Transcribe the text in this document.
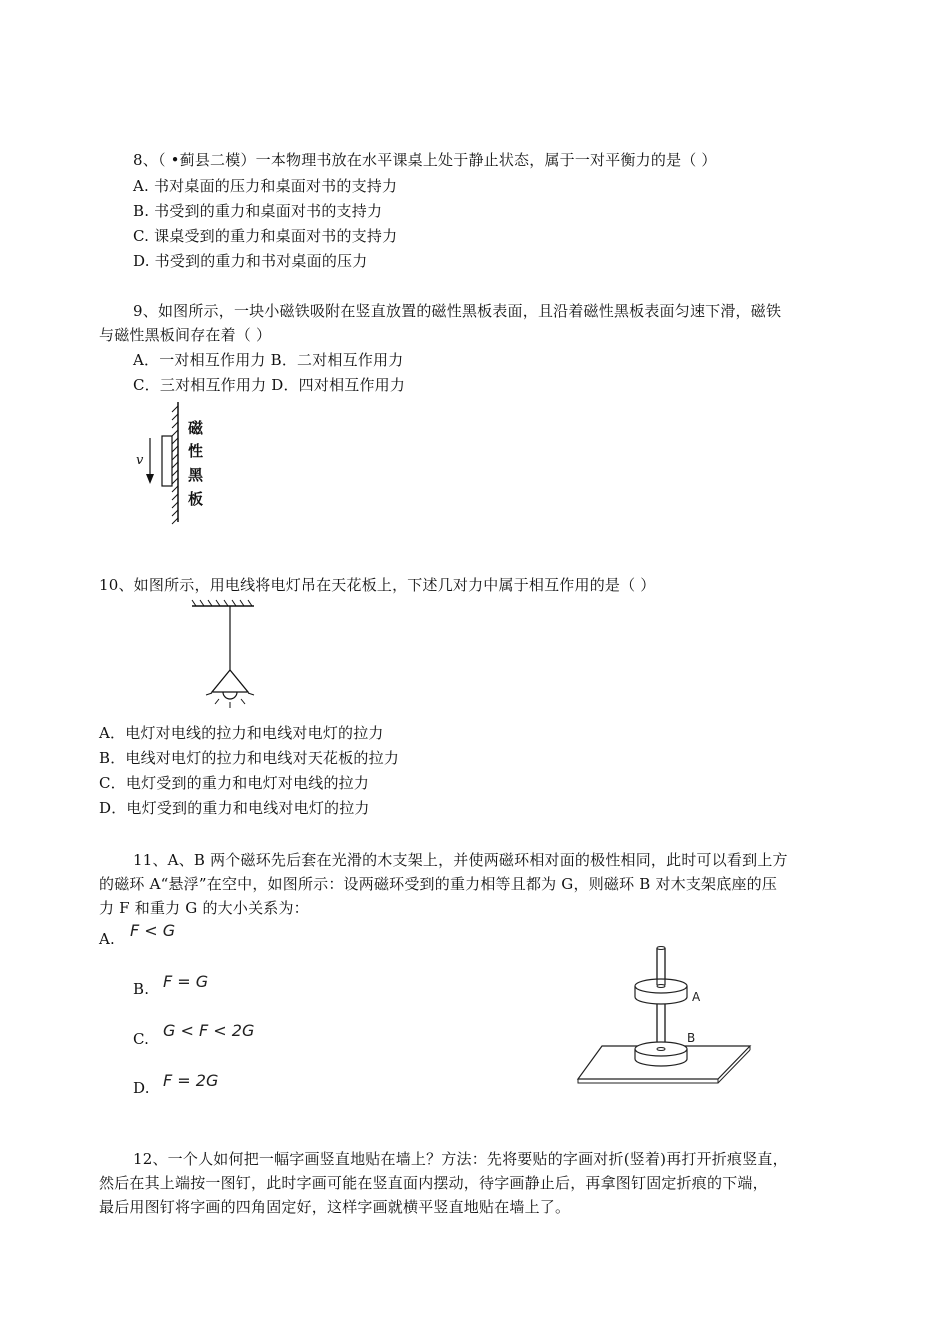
8、（ •蓟县二模）一本物理书放在水平课桌上处于静止状态，属于一对平衡力的是（ ）
A. 书对桌面的压力和桌面对书的支持力
B. 书受到的重力和桌面对书的支持力
C. 课桌受到的重力和桌面对书的支持力
D. 书受到的重力和书对桌面的压力
9、如图所示，一块小磁铁吸附在竖直放置的磁性黑板表面，且沿着磁性黑板表面匀速下滑，磁铁
与磁性黑板间存在着（ ）
A．一对相互作用力 B．二对相互作用力
C．三对相互作用力 D．四对相互作用力
v
磁
性
黑
板
10、如图所示，用电线将电灯吊在天花板上，下述几对力中属于相互作用的是（ ）
A．电灯对电线的拉力和电线对电灯的拉力
B．电线对电灯的拉力和电线对天花板的拉力
C．电灯受到的重力和电灯对电线的拉力
D．电灯受到的重力和电线对电灯的拉力
11、A、B 两个磁环先后套在光滑的木支架上，并使两磁环相对面的极性相同，此时可以看到上方
的磁环 A“悬浮”在空中，如图所示：设两磁环受到的重力相等且都为 G，则磁环 B 对木支架底座的压
力 F 和重力 G 的大小关系为：
A. F < G
B. F = G
C. G < F < 2G
D. F = 2G
A
B
12、一个人如何把一幅字画竖直地贴在墙上？方法：先将要贴的字画对折(竖着)再打开折痕竖直，
然后在其上端按一图钉，此时字画可能在竖直面内摆动，待字画静止后，再拿图钉固定折痕的下端，
最后用图钉将字画的四角固定好，这样字画就横平竖直地贴在墙上了。
